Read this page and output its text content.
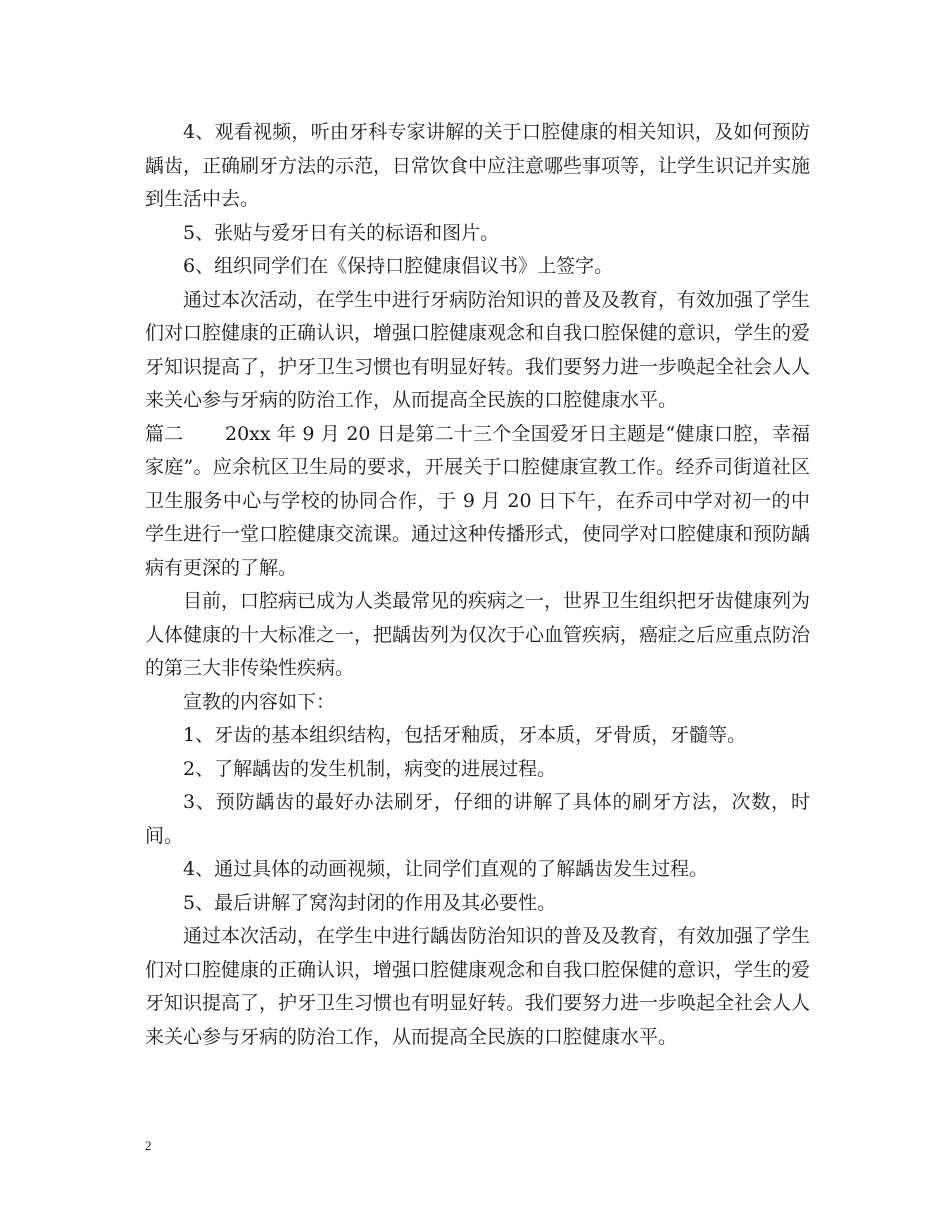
4、观看视频，听由牙科专家讲解的关于口腔健康的相关知识，及如何预防龋齿，正确刷牙方法的示范，日常饮食中应注意哪些事项等，让学生识记并实施到生活中去。

5、张贴与爱牙日有关的标语和图片。

6、组织同学们在《保持口腔健康倡议书》上签字。

通过本次活动，在学生中进行牙病防治知识的普及及教育，有效加强了学生们对口腔健康的正确认识，增强口腔健康观念和自我口腔保健的意识，学生的爱牙知识提高了，护牙卫生习惯也有明显好转。我们要努力进一步唤起全社会人人来关心参与牙病的防治工作，从而提高全民族的口腔健康水平。

篇二 20xx 年 9 月 20 日是第二十三个全国爱牙日主题是“健康口腔，幸福家庭”。应余杭区卫生局的要求，开展关于口腔健康宣教工作。经乔司街道社区卫生服务中心与学校的协同合作，于 9 月 20 日下午，在乔司中学对初一的中学生进行一堂口腔健康交流课。通过这种传播形式，使同学对口腔健康和预防龋病有更深的了解。

目前，口腔病已成为人类最常见的疾病之一，世界卫生组织把牙齿健康列为人体健康的十大标准之一，把龋齿列为仅次于心血管疾病，癌症之后应重点防治的第三大非传染性疾病。

宣教的内容如下：

1、牙齿的基本组织结构，包括牙釉质，牙本质，牙骨质，牙髓等。

2、了解龋齿的发生机制，病变的进展过程。

3、预防龋齿的最好办法刷牙，仔细的讲解了具体的刷牙方法，次数，时间。

4、通过具体的动画视频，让同学们直观的了解龋齿发生过程。

5、最后讲解了窝沟封闭的作用及其必要性。

通过本次活动，在学生中进行龋齿防治知识的普及及教育，有效加强了学生们对口腔健康的正确认识，增强口腔健康观念和自我口腔保健的意识，学生的爱牙知识提高了，护牙卫生习惯也有明显好转。我们要努力进一步唤起全社会人人来关心参与牙病的防治工作，从而提高全民族的口腔健康水平。

2
